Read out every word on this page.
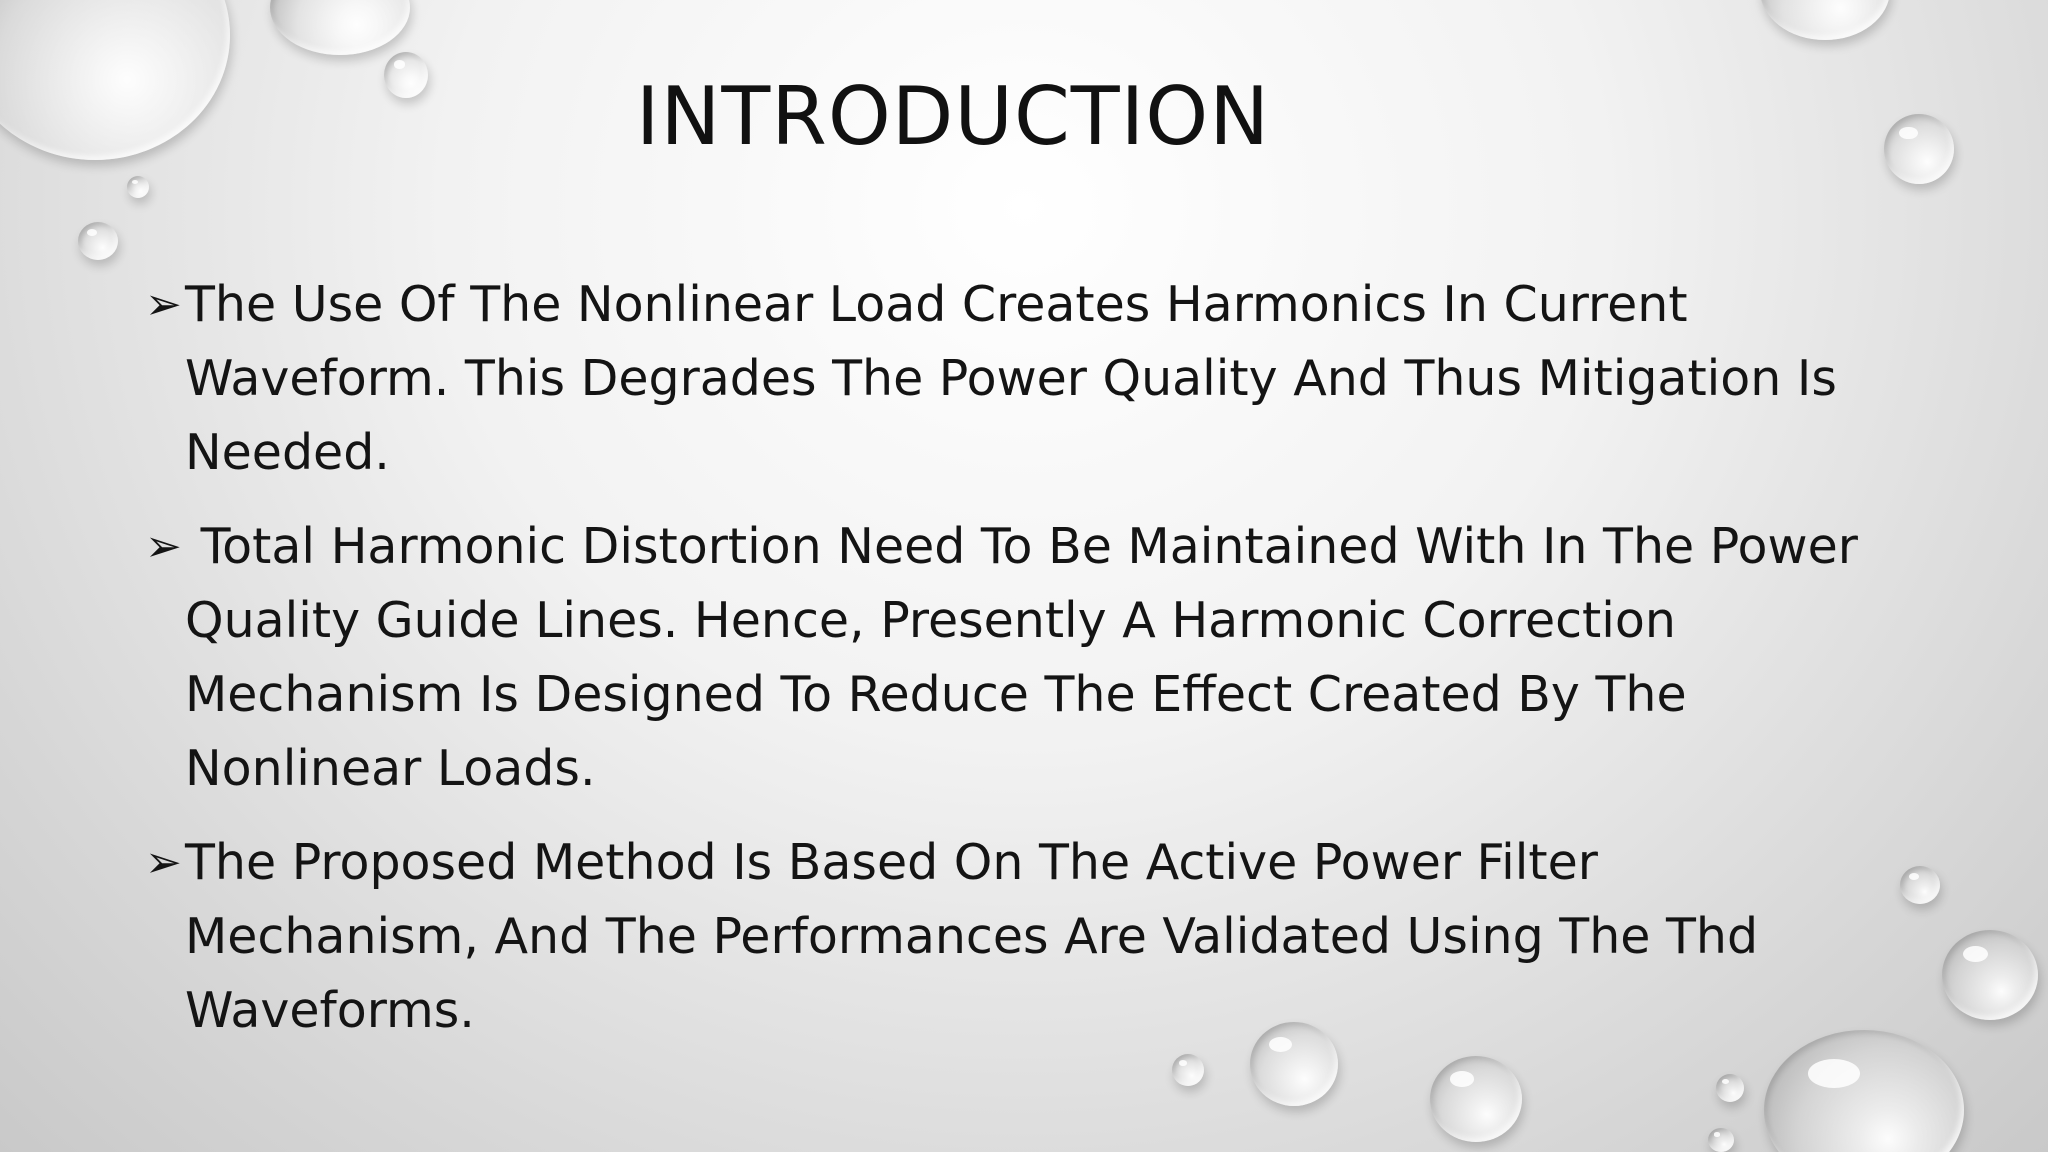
INTRODUCTION
➢ The Use Of The Nonlinear Load Creates Harmonics In Current Waveform. This Degrades The Power Quality And Thus Mitigation Is Needed.
➢ Total Harmonic Distortion Need To Be Maintained With In The Power Quality Guide Lines. Hence, Presently A Harmonic Correction Mechanism Is Designed To Reduce The Effect Created By The Nonlinear Loads.
➢ The Proposed Method Is Based On The Active Power Filter Mechanism, And The Performances Are Validated Using The Thd Waveforms.
